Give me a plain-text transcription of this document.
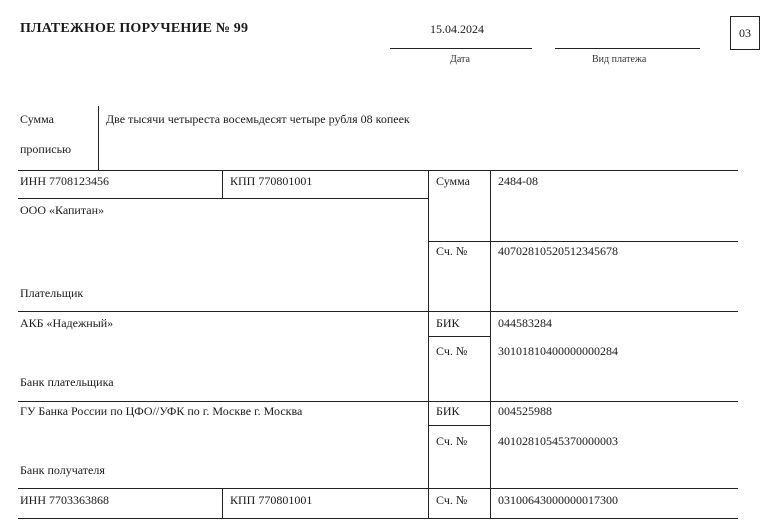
ПЛАТЕЖНОЕ ПОРУЧЕНИЕ № 99	15.04.2024
Дата	Вид платежа
03
Сумма
прописью
Две тысячи четыреста восемьдесят четыре рубля 08 копеек
ИНН 7708123456	КПП 770801001
ООО «Капитан»
Плательщик
Сумма 2484-08
Сч. №	40702810520512345678
АКБ «Надежный»
Банк плательщика
БИК	044583284
Сч. №	30101810400000000284
ГУ Банка России по ЦФО//УФК по г. Москве г. Москва
Банк получателя
БИК	004525988
Сч. №	40102810545370000003
ИНН 7703363868	КПП 770801001	Сч. №	03100643000000017300
